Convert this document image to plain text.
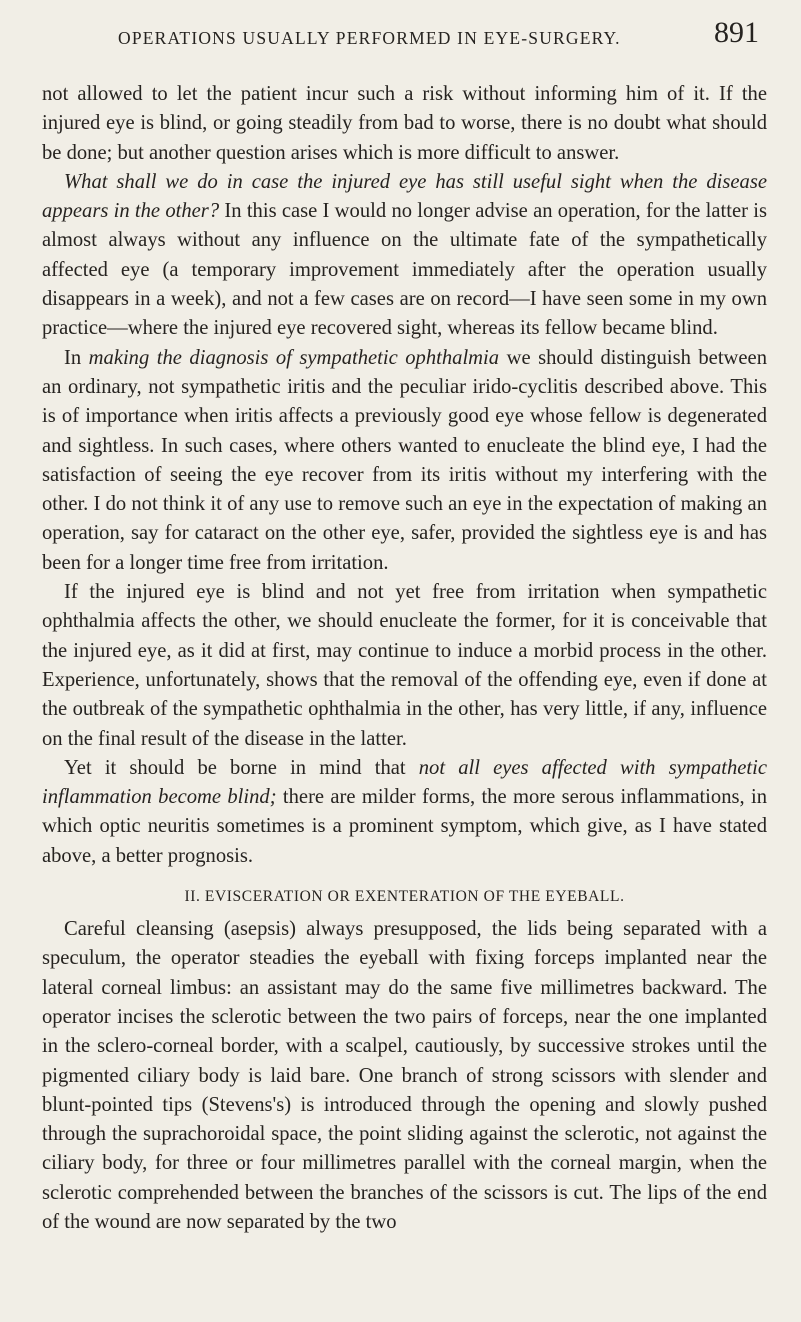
OPERATIONS USUALLY PERFORMED IN EYE-SURGERY.	891

not allowed to let the patient incur such a risk without informing him of it. If the injured eye is blind, or going steadily from bad to worse, there is no doubt what should be done; but another question arises which is more difficult to answer.

What shall we do in case the injured eye has still useful sight when the disease appears in the other? In this case I would no longer advise an operation, for the latter is almost always without any influence on the ultimate fate of the sympathetically affected eye (a temporary improvement immediately after the operation usually disappears in a week), and not a few cases are on record—I have seen some in my own practice—where the injured eye recovered sight, whereas its fellow became blind.

In making the diagnosis of sympathetic ophthalmia we should distinguish between an ordinary, not sympathetic iritis and the peculiar irido-cyclitis described above. This is of importance when iritis affects a previously good eye whose fellow is degenerated and sightless. In such cases, where others wanted to enucleate the blind eye, I had the satisfaction of seeing the eye recover from its iritis without my interfering with the other. I do not think it of any use to remove such an eye in the expectation of making an operation, say for cataract on the other eye, safer, provided the sightless eye is and has been for a longer time free from irritation.

If the injured eye is blind and not yet free from irritation when sympathetic ophthalmia affects the other, we should enucleate the former, for it is conceivable that the injured eye, as it did at first, may continue to induce a morbid process in the other. Experience, unfortunately, shows that the removal of the offending eye, even if done at the outbreak of the sympathetic ophthalmia in the other, has very little, if any, influence on the final result of the disease in the latter.

Yet it should be borne in mind that not all eyes affected with sympathetic inflammation become blind; there are milder forms, the more serous inflammations, in which optic neuritis sometimes is a prominent symptom, which give, as I have stated above, a better prognosis.

II. EVISCERATION OR EXENTERATION OF THE EYEBALL.

Careful cleansing (asepsis) always presupposed, the lids being separated with a speculum, the operator steadies the eyeball with fixing forceps implanted near the lateral corneal limbus: an assistant may do the same five millimetres backward. The operator incises the sclerotic between the two pairs of forceps, near the one implanted in the sclero-corneal border, with a scalpel, cautiously, by successive strokes until the pigmented ciliary body is laid bare. One branch of strong scissors with slender and blunt-pointed tips (Stevens's) is introduced through the opening and slowly pushed through the suprachoroidal space, the point sliding against the sclerotic, not against the ciliary body, for three or four millimetres parallel with the corneal margin, when the sclerotic comprehended between the branches of the scissors is cut. The lips of the end of the wound are now separated by the two
